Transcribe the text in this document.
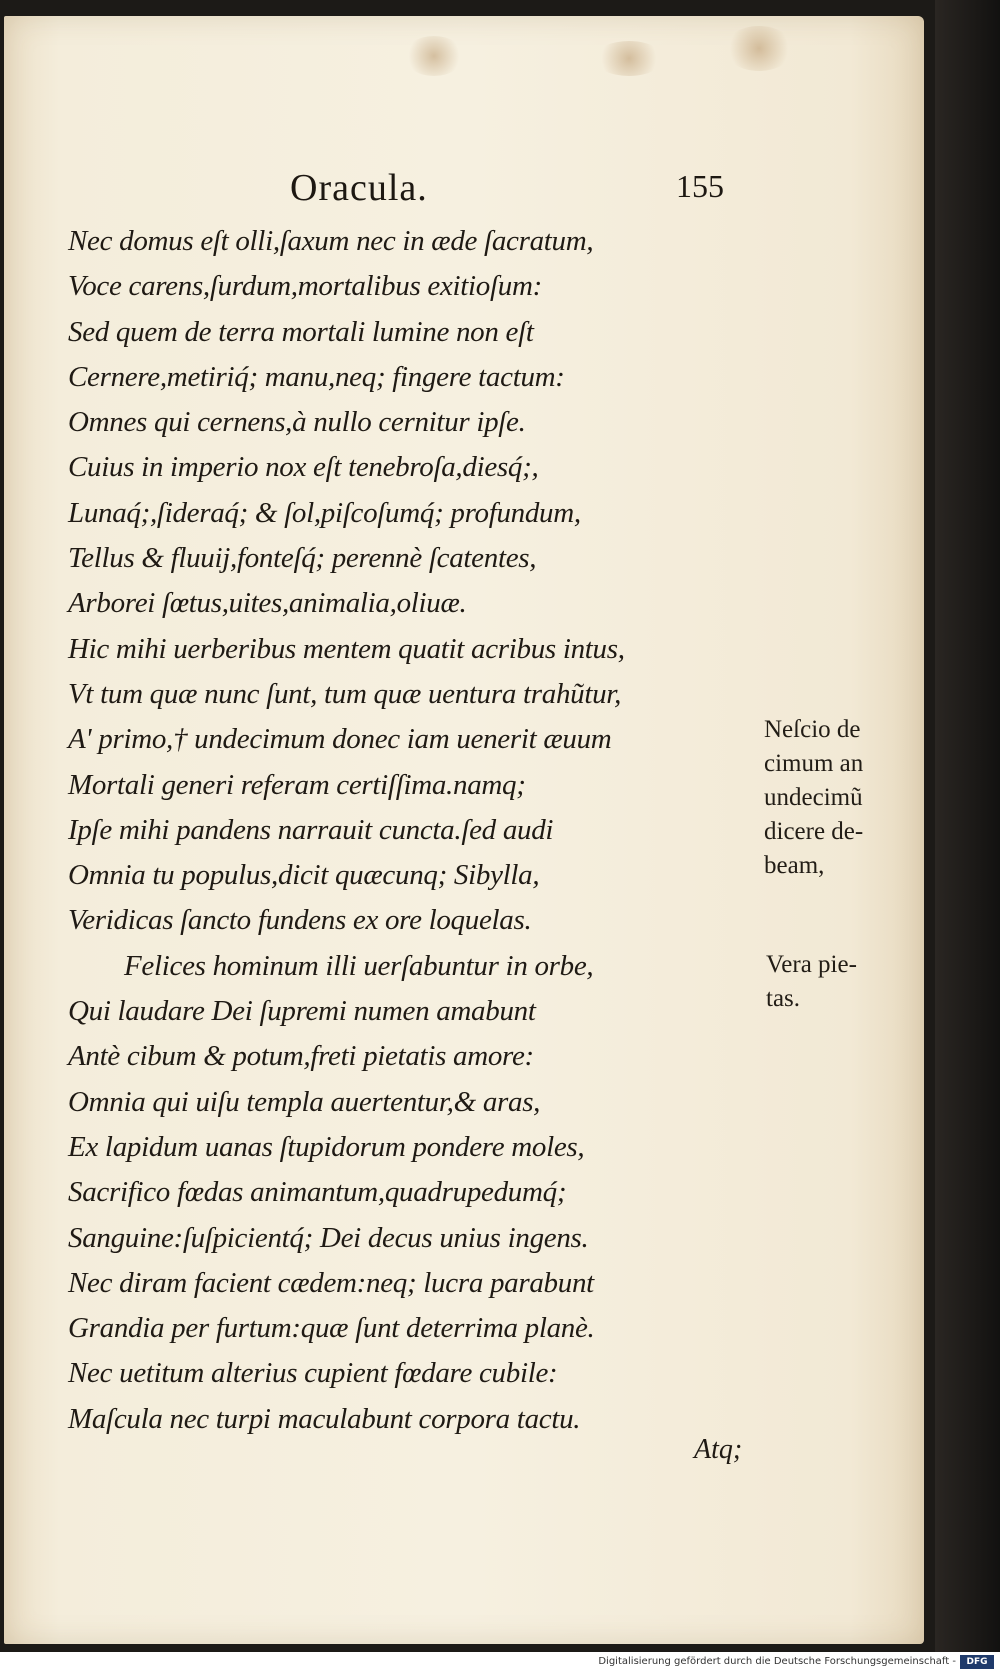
Oracula.	155
Nec domus eſt olli,ſaxum nec in æde ſacratum,
Voce carens,ſurdum,mortalibus exitioſum:
Sed quem de terra mortali lumine non eſt
Cernere,metiriq́; manu,neq; fingere tactum:
Omnes qui cernens,à nullo cernitur ipſe.
Cuius in imperio nox eſt tenebroſa,diesq́;,
Lunaq́;,ſideraq́; & ſol,piſcoſumq́; profundum,
Tellus & fluuij,fonteſq́; perennè ſcatentes,
Arborei ſœtus,uites,animalia,oliuæ.
Hic mihi uerberibus mentem quatit acribus intus,
Vt tum quæ nunc ſunt, tum quæ uentura trahũtur,
A' primo,† undecimum donec iam uenerit æuum
Mortali generi referam certiſſima.namq;
Ipſe mihi pandens narrauit cuncta.ſed audi
Omnia tu populus,dicit quæcunq; Sibylla,
Veridicas ſancto fundens ex ore loquelas.
Felices hominum illi uerſabuntur in orbe,
Qui laudare Dei ſupremi numen amabunt
Antè cibum & potum,freti pietatis amore:
Omnia qui uiſu templa auertentur,& aras,
Ex lapidum uanas ſtupidorum pondere moles,
Sacrifico fœdas animantum,quadrupedumq́;
Sanguine:ſuſpicientq́; Dei decus unius ingens.
Nec diram facient cædem:neq; lucra parabunt
Grandia per furtum:quæ ſunt deterrima planè.
Nec uetitum alterius cupient fœdare cubile:
Maſcula nec turpi maculabunt corpora tactu.
Neſcio de
cimum an
undecimũ
dicere de-
beam,
Vera pie-
tas.
Atq;
Digitalisierung gefördert durch die Deutsche Forschungsgemeinschaft -	DFG
